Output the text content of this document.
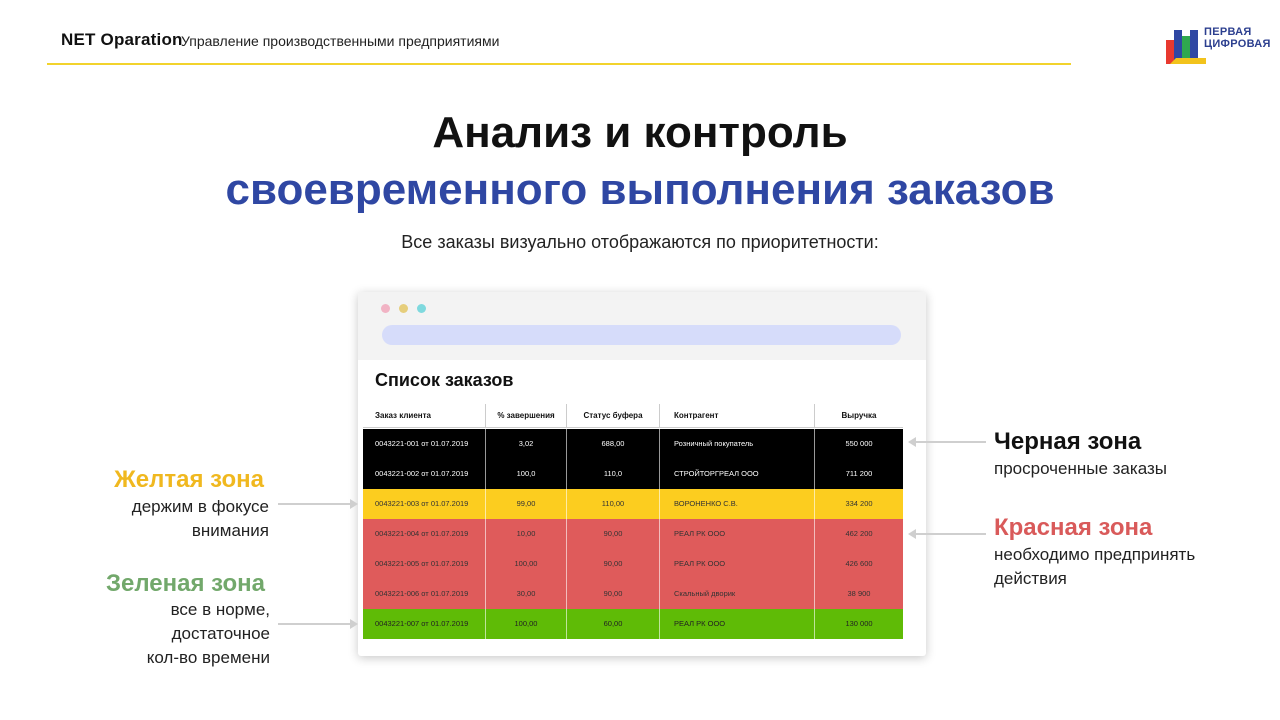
NET Oparation
Управление производственными предприятиями
ПЕРВАЯ
ЦИФРОВАЯ
Анализ и контроль
своевременного выполнения заказов
Все заказы визуально отображаются по приоритетности:
Список заказов
Заказ клиента	% завершения	Статус буфера	Контрагент	Выручка
0043221-001 от 01.07.2019	3,02	688,00	Розничный покупатель	550 000
0043221-002 от 01.07.2019	100,0	110,0	СТРОЙТОРГРЕАЛ ООО	711 200
0043221-003 от 01.07.2019	99,00	110,00	ВОРОНЕНКО С.В.	334 200
0043221-004 от 01.07.2019	10,00	90,00	РЕАЛ РК ООО	462 200
0043221-005 от 01.07.2019	100,00	90,00	РЕАЛ РК ООО	426 600
0043221-006 от 01.07.2019	30,00	90,00	Скальный дворик	38 900
0043221-007 от 01.07.2019	100,00	60,00	РЕАЛ РК ООО	130 000
Желтая зона
держим в фокусе
внимания
Зеленая зона
все в норме,
достаточное
кол-во времени
Черная зона
просроченные заказы
Красная зона
необходимо предпринять
действия
